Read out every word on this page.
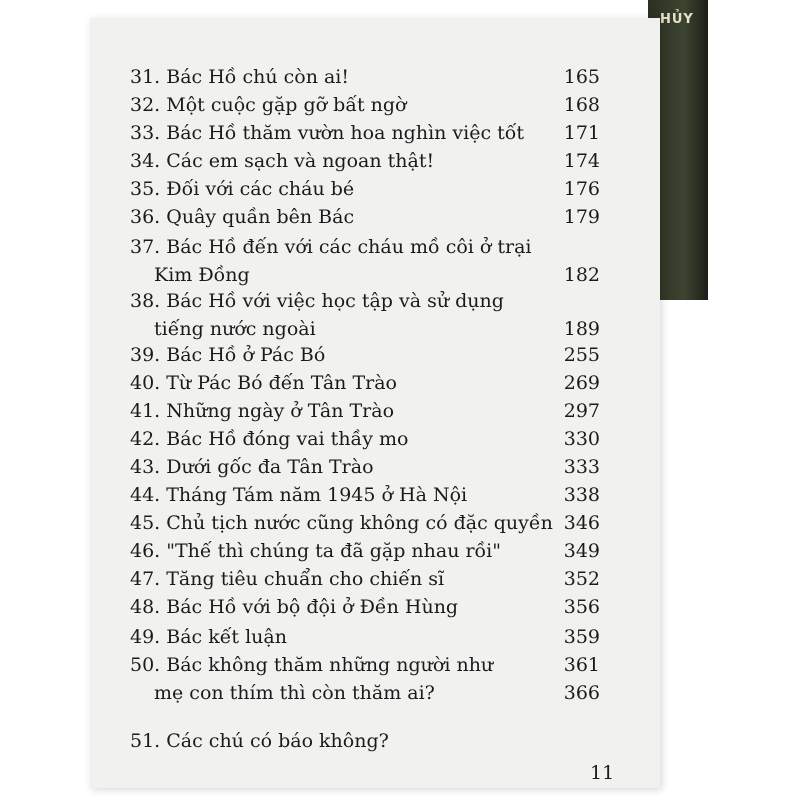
HỦY
31. Bác Hồ chú còn ai!	165
32. Một cuộc gặp gỡ bất ngờ	168
33. Bác Hồ thăm vườn hoa nghìn việc tốt 171
34. Các em sạch và ngoan thật!	174
35. Đối với các cháu bé	176
36. Quây quần bên Bác	179
37. Bác Hồ đến với các cháu mồ côi ở trại
Kim Đồng	182
38. Bác Hồ với việc học tập và sử dụng
tiếng nước ngoài	189
39. Bác Hồ ở Pác Bó	255
40. Từ Pác Bó đến Tân Trào	269
41. Những ngày ở Tân Trào	297
42. Bác Hồ đóng vai thầy mo	330
43. Dưới gốc đa Tân Trào	333
44. Tháng Tám năm 1945 ở Hà Nội	338
45. Chủ tịch nước cũng không có đặc quyền 346
46. "Thế thì chúng ta đã gặp nhau rồi"	349
47. Tăng tiêu chuẩn cho chiến sĩ	352
48. Bác Hồ với bộ đội ở Đền Hùng	356
49. Bác kết luận	359
50. Bác không thăm những người như	361
mẹ con thím thì còn thăm ai?	366
51. Các chú có báo không?
11
